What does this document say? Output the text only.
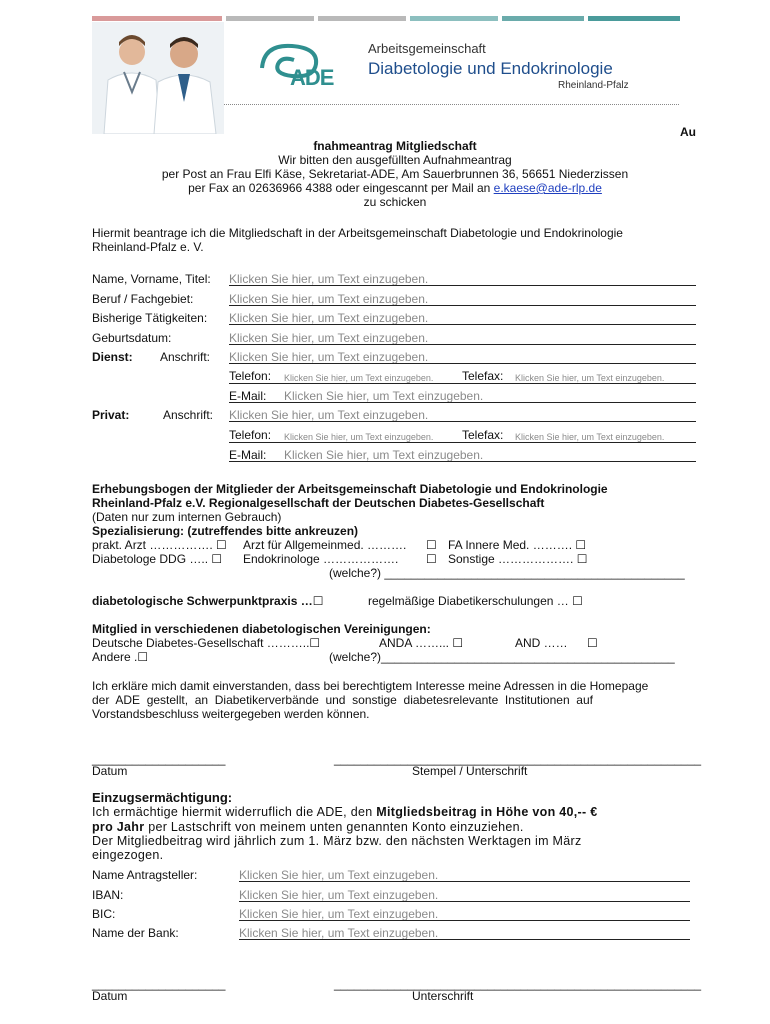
ADE
Arbeitsgemeinschaft
Diabetologie und Endokrinologie
Rheinland-Pfalz
Au
fnahmeantrag Mitgliedschaft
Wir bitten den ausgefüllten Aufnahmeantrag
per Post an Frau Elfi Käse, Sekretariat-ADE, Am Sauerbrunnen 36, 56651 Niederzissen
per Fax an 02636966 4388 oder eingescannt per Mail an e.kaese@ade-rlp.de
zu schicken
Hiermit beantrage ich die Mitgliedschaft in der Arbeitsgemeinschaft Diabetologie und Endokrinologie
Rheinland-Pfalz e. V.
Name, Vorname, Titel: Klicken Sie hier, um Text einzugeben.
Beruf / Fachgebiet:	Klicken Sie hier, um Text einzugeben.
Bisherige Tätigkeiten: Klicken Sie hier, um Text einzugeben.
Geburtsdatum:	Klicken Sie hier, um Text einzugeben.
Dienst: Anschrift: Klicken Sie hier, um Text einzugeben.
Telefon: Klicken Sie hier, um Text einzugeben. Telefax: Klicken Sie hier, um Text einzugeben.
E-Mail: Klicken Sie hier, um Text einzugeben.
Privat:	Anschrift: Klicken Sie hier, um Text einzugeben.
Telefon: Klicken Sie hier, um Text einzugeben. Telefax: Klicken Sie hier, um Text einzugeben.
E-Mail: Klicken Sie hier, um Text einzugeben.
Erhebungsbogen der Mitglieder der Arbeitsgemeinschaft Diabetologie und Endokrinologie
Rheinland-Pfalz e.V. Regionalgesellschaft der Deutschen Diabetes-Gesellschaft
(Daten nur zum internen Gebrauch)
Spezialisierung: (zutreffendes bitte ankreuzen)
prakt. Arzt ……………. ☐ Arzt für Allgemeinmed. ………. ☐ FA Innere Med. ………. ☐
Diabetologe DDG ….. ☐ Endokrinologe ………………. ☐ Sonstige ………………. ☐
(welche?) _____________________________________________
diabetologische Schwerpunktpraxis …☐	regelmäßige Diabetikerschulungen … ☐
Mitglied in verschiedenen diabetologischen Vereinigungen:
Deutsche Diabetes-Gesellschaft ………..☐	ANDA ……... ☐	AND …… ☐
Andere .☐	(welche?)____________________________________________
Ich erkläre mich damit einverstanden, dass bei berechtigtem Interesse meine Adressen in die Homepage
der  ADE  gestellt,  an  Diabetikerverbände  und  sonstige  diabetesrelevante  Institutionen  auf
Vorstandsbeschluss weitergegeben werden können.
____________________	_______________________________________________________
Datum	Stempel / Unterschrift
Einzugsermächtigung:
Ich ermächtige hiermit widerruflich die ADE, den Mitgliedsbeitrag in Höhe von 40,-- €
pro Jahr per Lastschrift von meinem unten genannten Konto einzuziehen.
Der Mitgliedbeitrag wird jährlich zum 1. März bzw. den nächsten Werktagen im März
eingezogen.
Name Antragsteller:	Klicken Sie hier, um Text einzugeben.
IBAN:	Klicken Sie hier, um Text einzugeben.
BIC:	Klicken Sie hier, um Text einzugeben.
Name der Bank:	Klicken Sie hier, um Text einzugeben.
____________________	_______________________________________________________
Datum	Unterschrift
